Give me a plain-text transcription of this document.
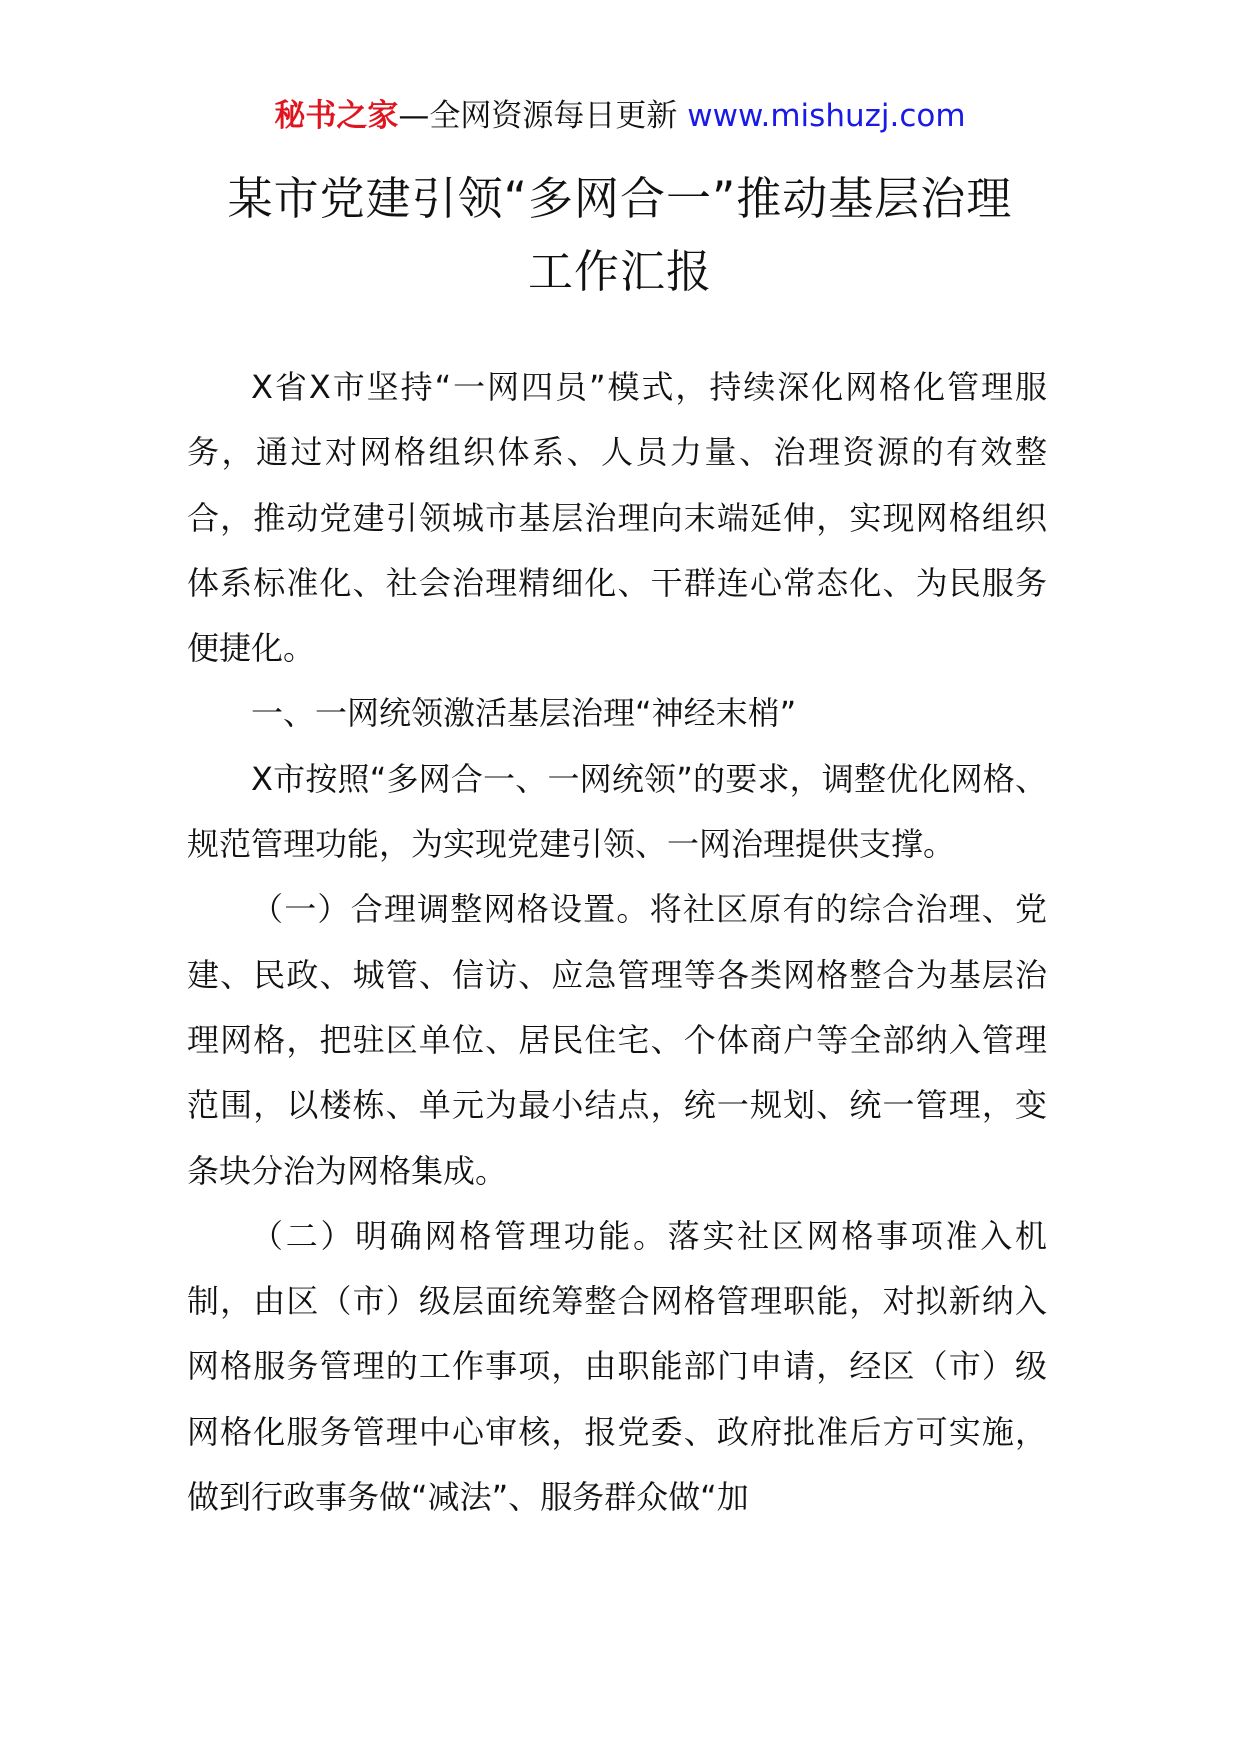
秘书之家—全网资源每日更新 www.mishuzj.com
某市党建引领“多网合一”推动基层治理
工作汇报

X省X市坚持“一网四员”模式，持续深化网格化管理服务，通过对网格组织体系、人员力量、治理资源的有效整合，推动党建引领城市基层治理向末端延伸，实现网格组织体系标准化、社会治理精细化、干群连心常态化、为民服务便捷化。

一、一网统领激活基层治理“神经末梢”

X市按照“多网合一、一网统领”的要求，调整优化网格、规范管理功能，为实现党建引领、一网治理提供支撑。

（一）合理调整网格设置。将社区原有的综合治理、党建、民政、城管、信访、应急管理等各类网格整合为基层治理网格，把驻区单位、居民住宅、个体商户等全部纳入管理范围，以楼栋、单元为最小结点，统一规划、统一管理，变条块分治为网格集成。

（二）明确网格管理功能。落实社区网格事项准入机制，由区（市）级层面统筹整合网格管理职能，对拟新纳入网格服务管理的工作事项，由职能部门申请，经区（市）级网格化服务管理中心审核，报党委、政府批准后方可实施，做到行政事务做“减法”、服务群众做“加
